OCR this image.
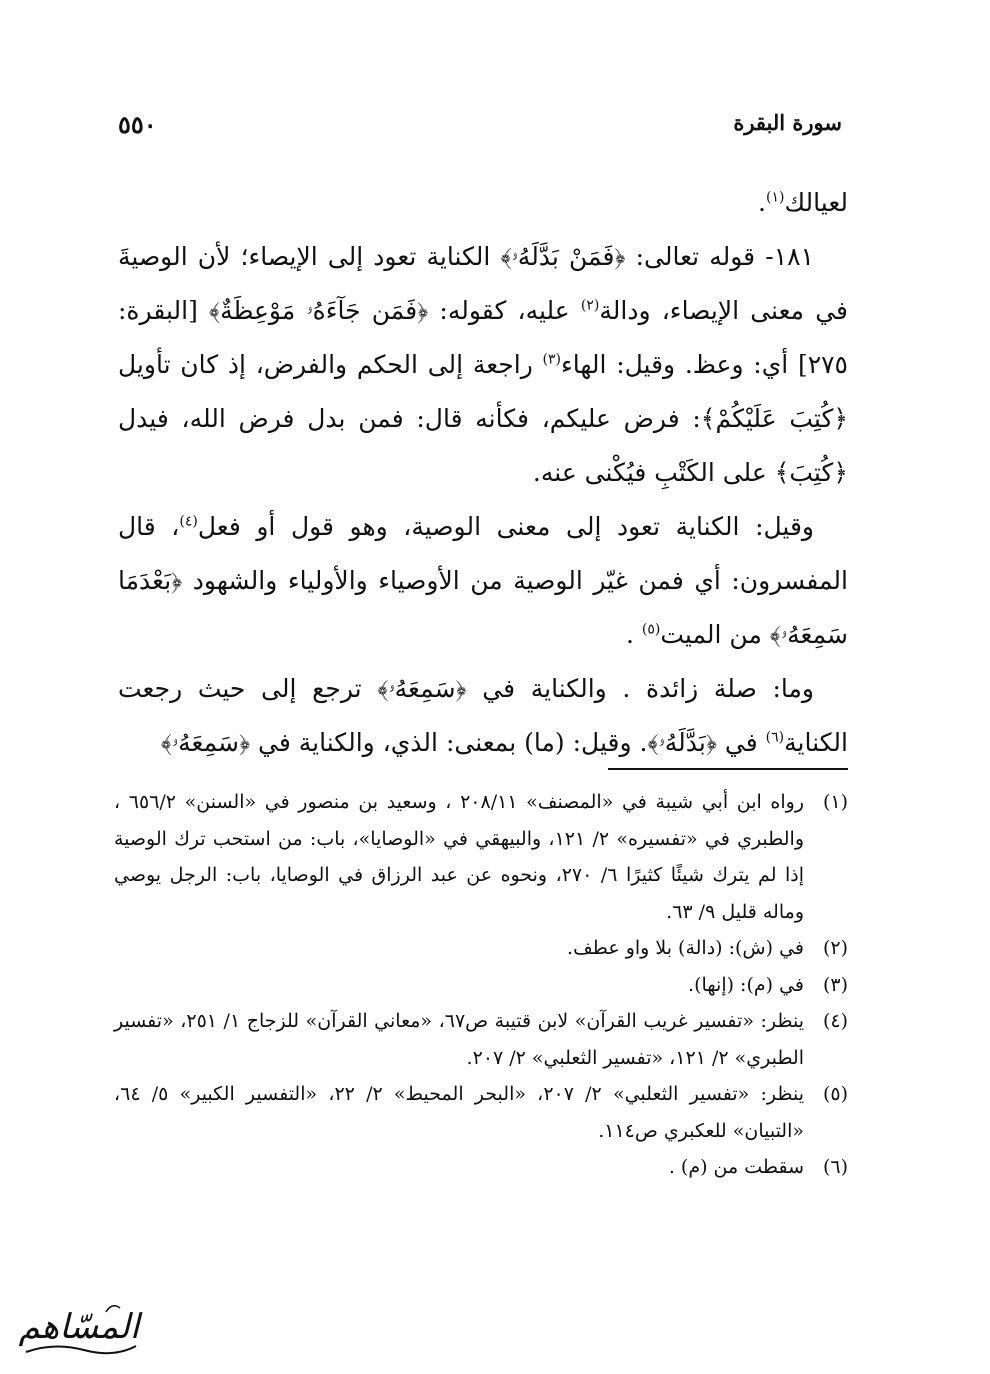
سورة البقرة
٥٥٠

لعيالك$^{(١)}$.

١٨١- قوله تعالى: ﴿فَمَنْ بَدَّلَهُۥ﴾ الكناية تعود إلى الإيصاء؛ لأن الوصيةَ في معنى الإيصاء، ودالة$^{(٢)}$ عليه، كقوله: ﴿فَمَن جَآءَهُۥ مَوْعِظَةٌ﴾ [البقرة: ٢٧٥] أي: وعظ. وقيل: الهاء$^{(٣)}$ راجعة إلى الحكم والفرض، إذ كان تأويل ﴿كُتِبَ عَلَيْكُمْ﴾: فرض عليكم، فكأنه قال: فمن بدل فرض الله، فيدل ﴿كُتِبَ﴾ على الكَتْبِ فيُكْنى عنه.

وقيل: الكناية تعود إلى معنى الوصية، وهو قول أو فعل$^{(٤)}$، قال المفسرون: أي فمن غيّر الوصية من الأوصياء والأولياء والشهود ﴿بَعْدَمَا سَمِعَهُۥ﴾ من الميت$^{(٥)}$ .

وما: صلة زائدة . والكناية في ﴿سَمِعَهُۥ﴾ ترجع إلى حيث رجعت الكناية$^{(٦)}$ في ﴿بَدَّلَهُۥ﴾. وقيل: (ما) بمعنى: الذي، والكناية في ﴿سَمِعَهُۥ﴾

(١)
رواه ابن أبي شيبة في «المصنف» ٢٠٨/١١ ، وسعيد بن منصور في «السنن» ٦٥٦/٢ ، والطبري في «تفسيره» ٢/ ١٢١، والبيهقي في «الوصايا»، باب: من استحب ترك الوصية إذا لم يترك شيئًا كثيرًا ٦/ ٢٧٠، ونحوه عن عبد الرزاق في الوصايا، باب: الرجل يوصي وماله قليل ٩/ ٦٣.
(٢)
في (ش): (دالة) بلا واو عطف.
(٣)
في (م): (إنها).
(٤)
ينظر: «تفسير غريب القرآن» لابن قتيبة ص٦٧، «معاني القرآن» للزجاج ١/ ٢٥١، «تفسير الطبري» ٢/ ١٢١، «تفسير الثعلبي» ٢/ ٢٠٧.
(٥)
ينظر: «تفسير الثعلبي» ٢/ ٢٠٧، «البحر المحيط» ٢/ ٢٢، «التفسير الكبير» ٥/ ٦٤، «التبيان» للعكبري ص١١٤.
(٦)
سقطت من (م) .
المسّاهم
